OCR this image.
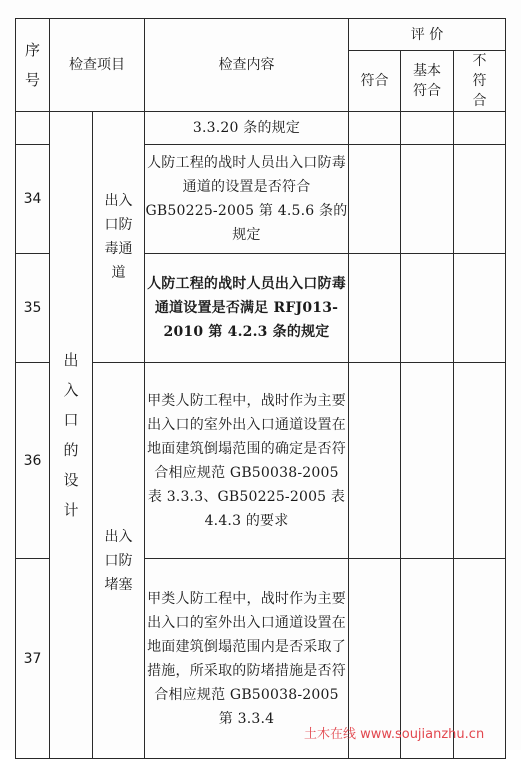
序号	检查项目		检查内容	评 价		
				符合	基本符合	不符合
	出入口的设计	出入口防毒通道	3.3.20 条的规定			
34			人防工程的战时人员出入口防毒通道的设置是否符合 GB50225-2005 第 4.5.6 条的规定			
35			人防工程的战时人员出入口防毒通道设置是否满足 RFJ013-2010 第 4.2.3 条的规定			
36		出入口防堵塞	甲类人防工程中，战时作为主要出入口的室外出入口通道设置在地面建筑倒塌范围的确定是否符合相应规范 GB50038-2005 表 3.3.3、GB50225-2005 表 4.4.3 的要求			
37			甲类人防工程中，战时作为主要出入口的室外出入口通道设置在地面建筑倒塌范围内是否采取了措施，所采取的防堵措施是否符合相应规范 GB50038-2005 第 3.3.4			
土木在线 www.soujianzhu.cn
